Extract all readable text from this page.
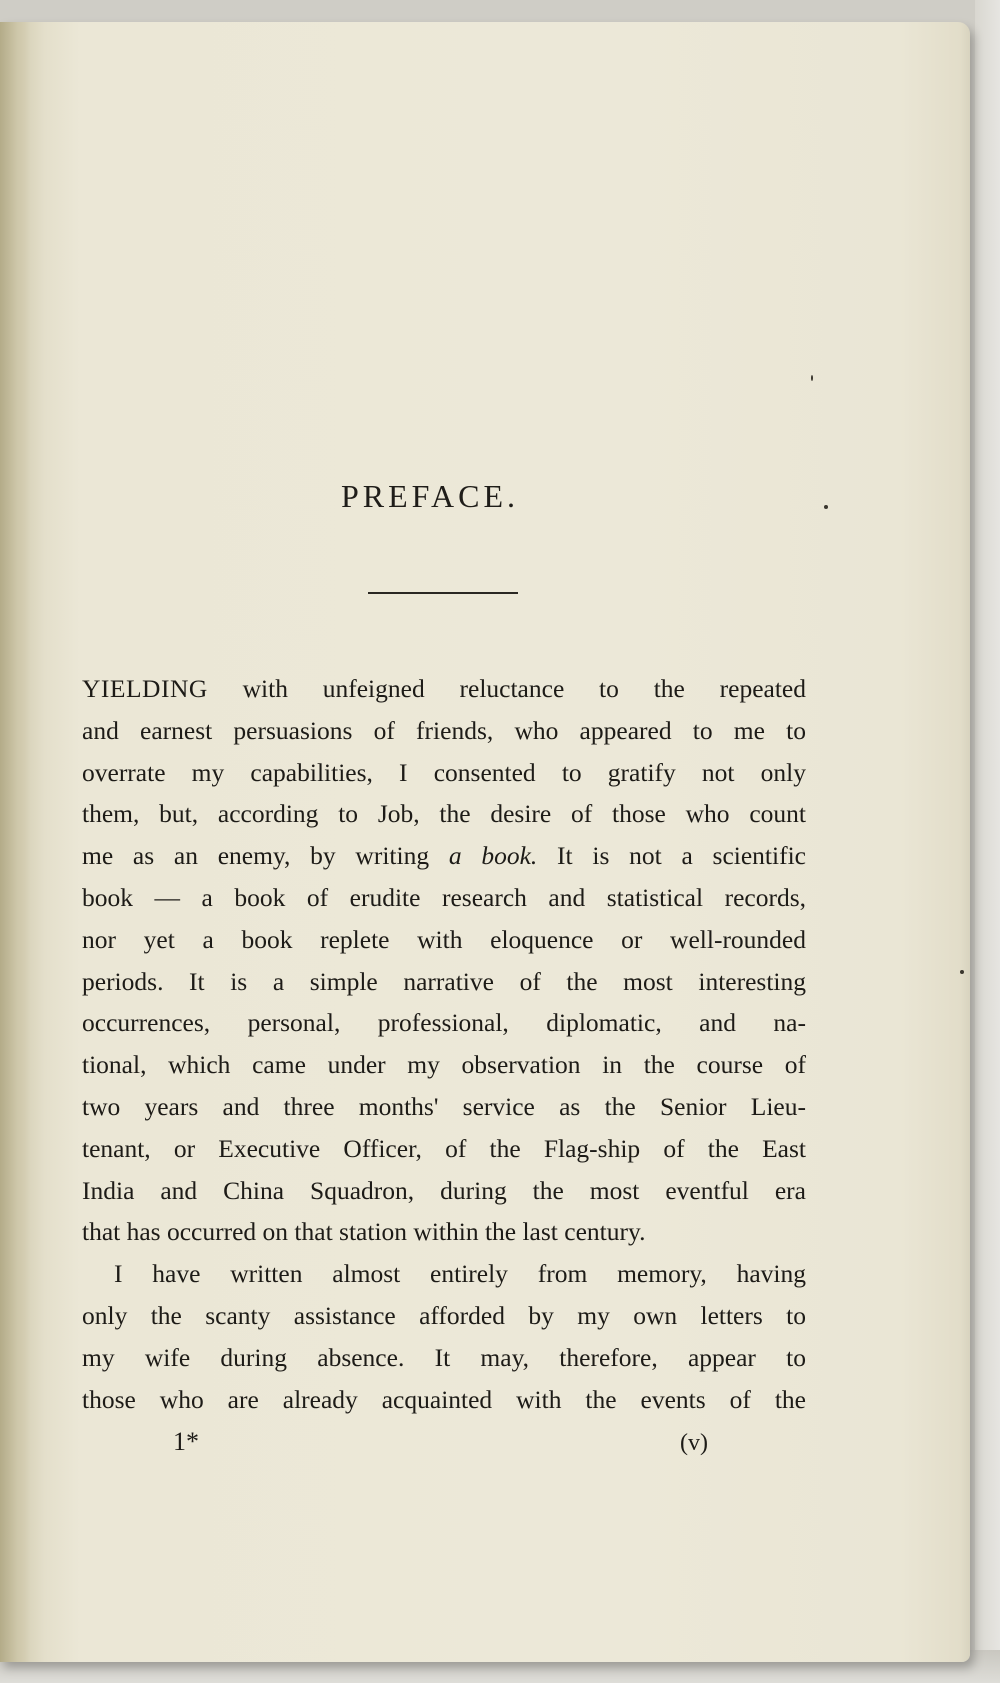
PREFACE.
YIELDING with unfeigned reluctance to the repeated
and earnest persuasions of friends, who appeared to me to
overrate my capabilities, I consented to gratify not only
them, but, according to Job, the desire of those who count
me as an enemy, by writing a book. It is not a scientific
book — a book of erudite research and statistical records,
nor yet a book replete with eloquence or well-rounded
periods. It is a simple narrative of the most interesting
occurrences, personal, professional, diplomatic, and na-
tional, which came under my observation in the course of
two years and three months' service as the Senior Lieu-
tenant, or Executive Officer, of the Flag-ship of the East
India and China Squadron, during the most eventful era
that has occurred on that station within the last century.
I have written almost entirely from memory, having
only the scanty assistance afforded by my own letters to
my wife during absence. It may, therefore, appear to
those who are already acquainted with the events of the
1*	(v)
